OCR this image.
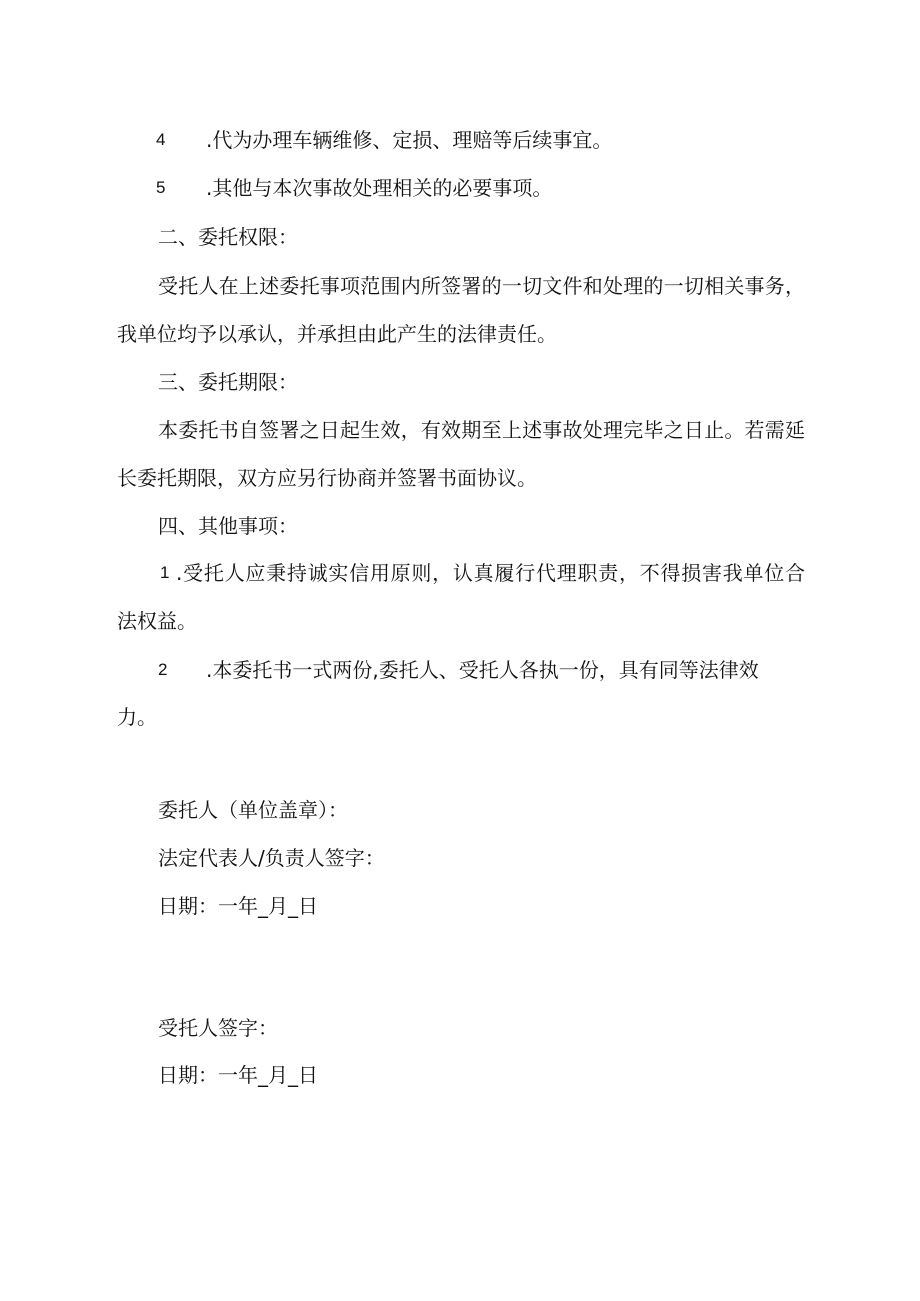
4 .代为办理车辆维修、定损、理赔等后续事宜。
5 .其他与本次事故处理相关的必要事项。
二、委托权限：
受托人在上述委托事项范围内所签署的一切文件和处理的一切相关事务，
我单位均予以承认，并承担由此产生的法律责任。
三、委托期限：
本委托书自签署之日起生效，有效期至上述事故处理完毕之日止。若需延
长委托期限，双方应另行协商并签署书面协议。
四、其他事项：
1 .受托人应秉持诚实信用原则，认真履行代理职责，不得损害我单位合
法权益。
2 .本委托书一式两份,委托人、受托人各执一份，具有同等法律效
力。
委托人（单位盖章）：
法定代表人/负责人签字：
日期：一年_月_日
受托人签字：
日期：一年_月_日
